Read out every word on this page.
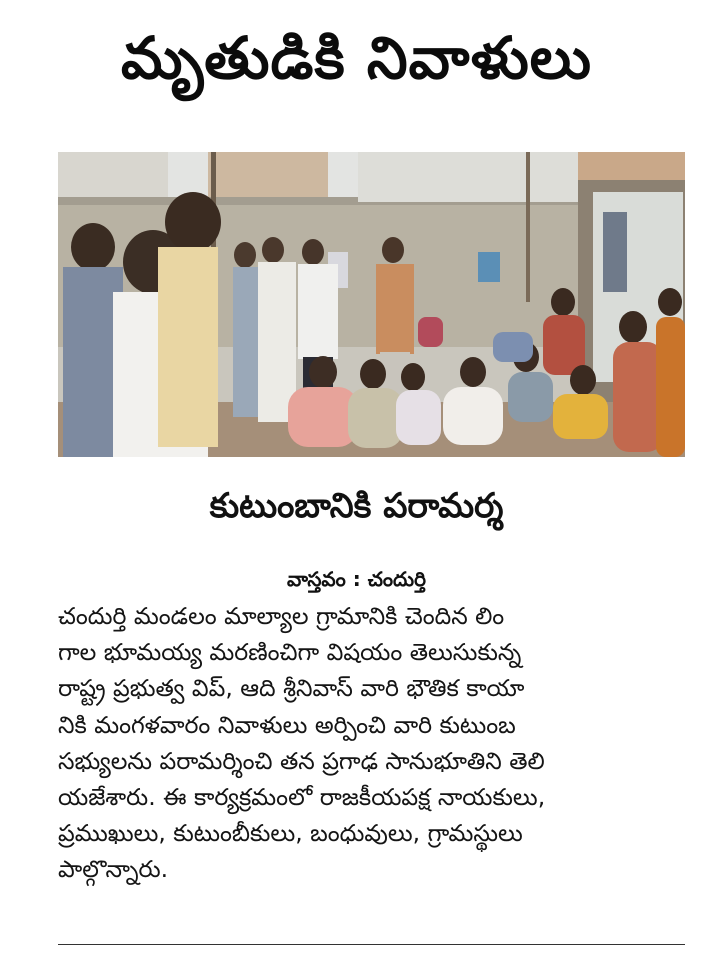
మృతుడికి నివాళులు
కుటుంబానికి పరామర్శ
వాస్తవం : చందుర్తి
చందుర్తి మండలం మాల్యాల గ్రామానికి చెందిన లిం
గాల భూమయ్య మరణించిగా విషయం తెలుసుకున్న
రాష్ట్ర ప్రభుత్వ విప్, ఆది శ్రీనివాస్ వారి భౌతిక కాయా
నికి మంగళవారం నివాళులు అర్పించి వారి కుటుంబ
సభ్యులను పరామర్శించి తన ప్రగాఢ సానుభూతిని తెలి
యజేశారు. ఈ కార్యక్రమంలో రాజకీయపక్ష నాయకులు,
ప్రముఖులు, కుటుంబీకులు, బంధువులు, గ్రామస్థులు
పాల్గొన్నారు.
